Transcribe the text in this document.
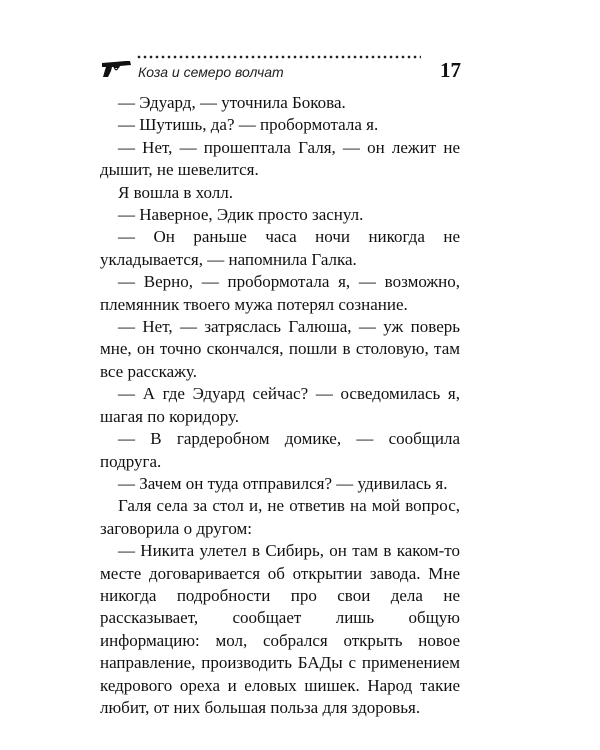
Коза и семеро волчат	17

— Эдуард, — уточнила Бокова.

— Шутишь, да? — пробормотала я.

— Нет, — прошептала Галя, — он лежит не дышит, не шевелится.

Я вошла в холл.

— Наверное, Эдик просто заснул.

— Он раньше часа ночи никогда не укладывается, — напомнила Галка.

— Верно, — пробормотала я, — возможно, племянник твоего мужа потерял сознание.

— Нет, — затряслась Галюша, — уж поверь мне, он точно скончался, пошли в столовую, там все расскажу.

— А где Эдуард сейчас? — осведомилась я, шагая по коридору.

— В гардеробном домике, — сообщила подруга.

— Зачем он туда отправился? — удивилась я.

Галя села за стол и, не ответив на мой вопрос, заговорила о другом:

— Никита улетел в Сибирь, он там в каком-то месте договаривается об открытии завода. Мне никогда подробности про свои дела не рассказывает, сообщает лишь общую информацию: мол, собрался открыть новое направление, производить БАДы с применением кедрового ореха и еловых шишек. Народ такие любит, от них большая польза для здоровья.
